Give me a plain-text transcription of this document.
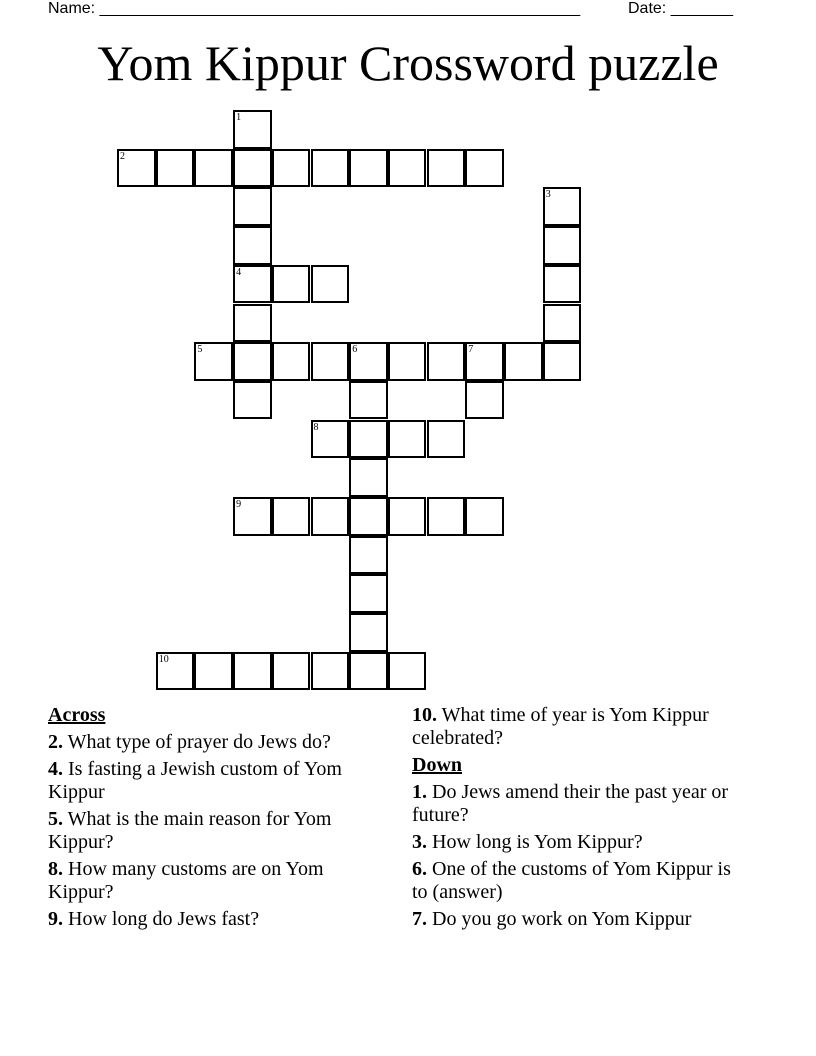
Name: ______________________________________________________	Date: _______
Yom Kippur Crossword puzzle
1
2
3
4
5	6	7
8
9
10
Across
2. What type of prayer do Jews do?
4. Is fasting a Jewish custom of Yom Kippur
5. What is the main reason for Yom Kippur?
8. How many customs are on Yom Kippur?
9. How long do Jews fast?
10. What time of year is Yom Kippur celebrated?
Down
1. Do Jews amend their the past year or future?
3. How long is Yom Kippur?
6. One of the customs of Yom Kippur is to (answer)
7. Do you go work on Yom Kippur
